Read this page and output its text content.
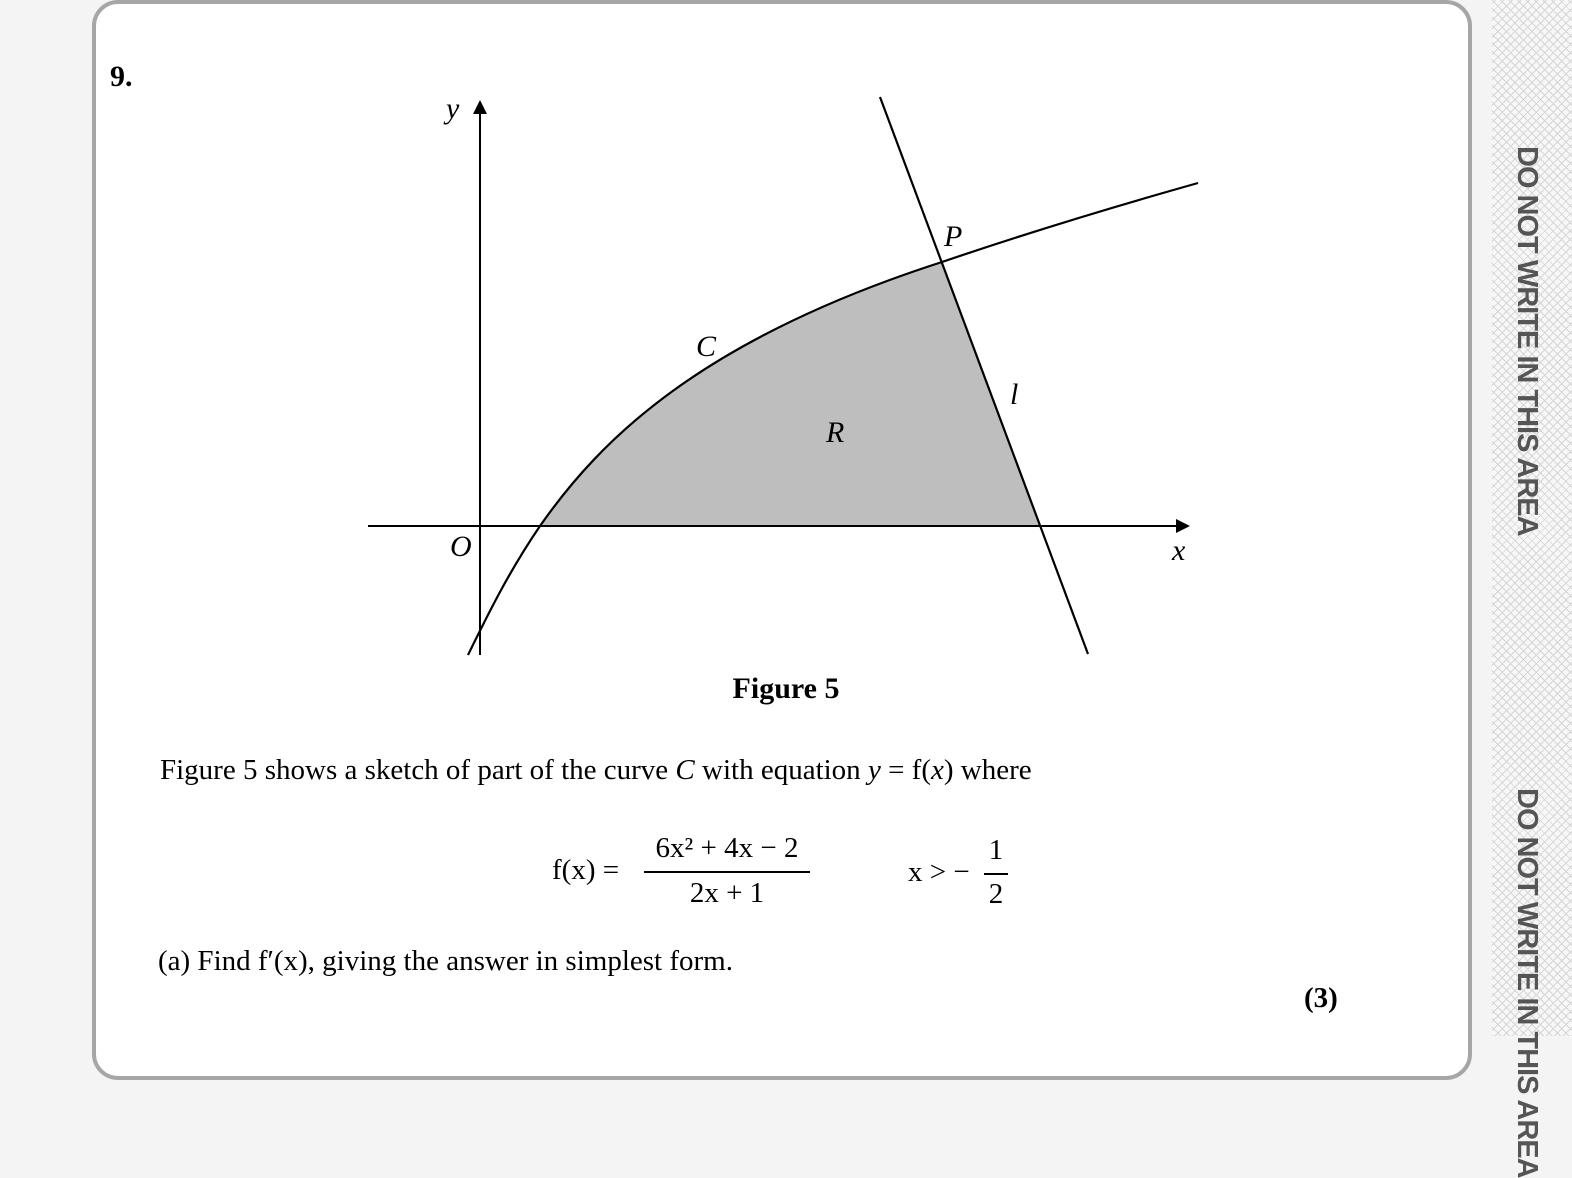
9.
y
x
O
C
l
P
R
Figure 5
Figure 5 shows a sketch of part of the curve C with equation y = f(x) where
f(x) =
6x² + 4x − 2
2x + 1
x > −
1
2
(a) Find f′(x), giving the answer in simplest form.
(3)
DO NOT WRITE IN THIS AREA
DO NOT WRITE IN THIS AREA
